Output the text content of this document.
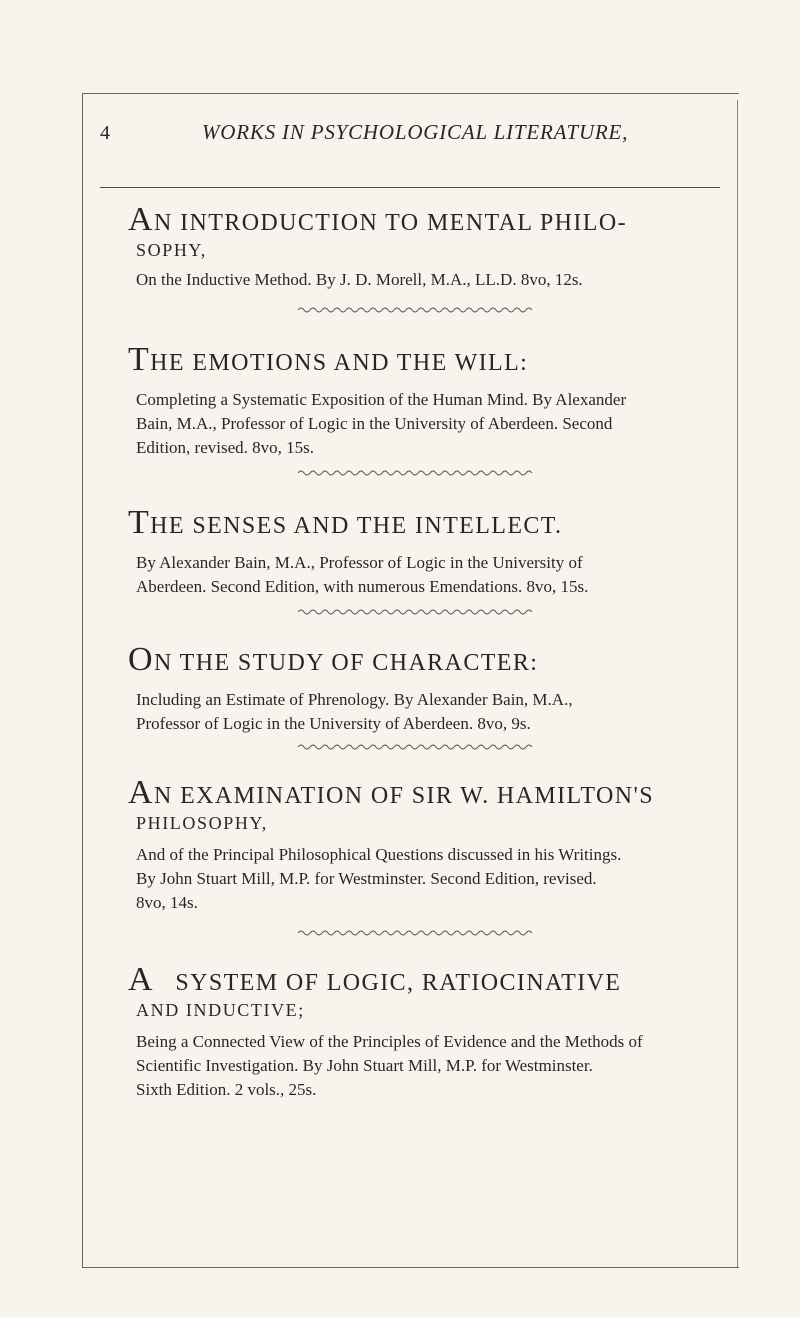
4	WORKS IN PSYCHOLOGICAL LITERATURE,
AN INTRODUCTION TO MENTAL PHILO-
SOPHY,
On the Inductive Method. By J. D. Morell, M.A., LL.D. 8vo, 12s.
THE EMOTIONS AND THE WILL:
Completing a Systematic Exposition of the Human Mind. By Alexander
Bain, M.A., Professor of Logic in the University of Aberdeen. Second
Edition, revised. 8vo, 15s.
THE SENSES AND THE INTELLECT.
By Alexander Bain, M.A., Professor of Logic in the University of
Aberdeen. Second Edition, with numerous Emendations. 8vo, 15s.
ON THE STUDY OF CHARACTER:
Including an Estimate of Phrenology. By Alexander Bain, M.A.,
Professor of Logic in the University of Aberdeen. 8vo, 9s.
AN EXAMINATION OF SIR W. HAMILTON'S
PHILOSOPHY,
And of the Principal Philosophical Questions discussed in his Writings.
By John Stuart Mill, M.P. for Westminster. Second Edition, revised.
8vo, 14s.
A SYSTEM OF LOGIC, RATIOCINATIVE
AND INDUCTIVE;
Being a Connected View of the Principles of Evidence and the Methods of
Scientific Investigation. By John Stuart Mill, M.P. for Westminster.
Sixth Edition. 2 vols., 25s.
